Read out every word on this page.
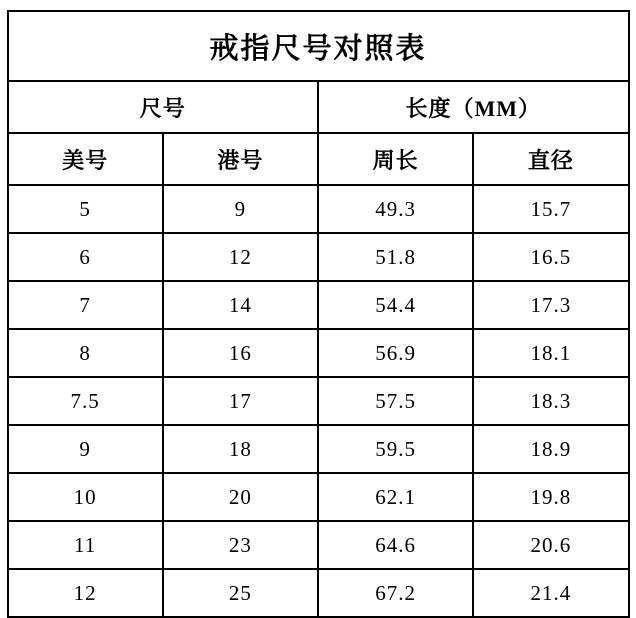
戒指尺号对照表			
尺号		长度（MM）	
美号	港号	周长	直径
5	9	49.3	15.7
6	12	51.8	16.5
7	14	54.4	17.3
8	16	56.9	18.1
7.5	17	57.5	18.3
9	18	59.5	18.9
10	20	62.1	19.8
11	23	64.6	20.6
12	25	67.2	21.4
